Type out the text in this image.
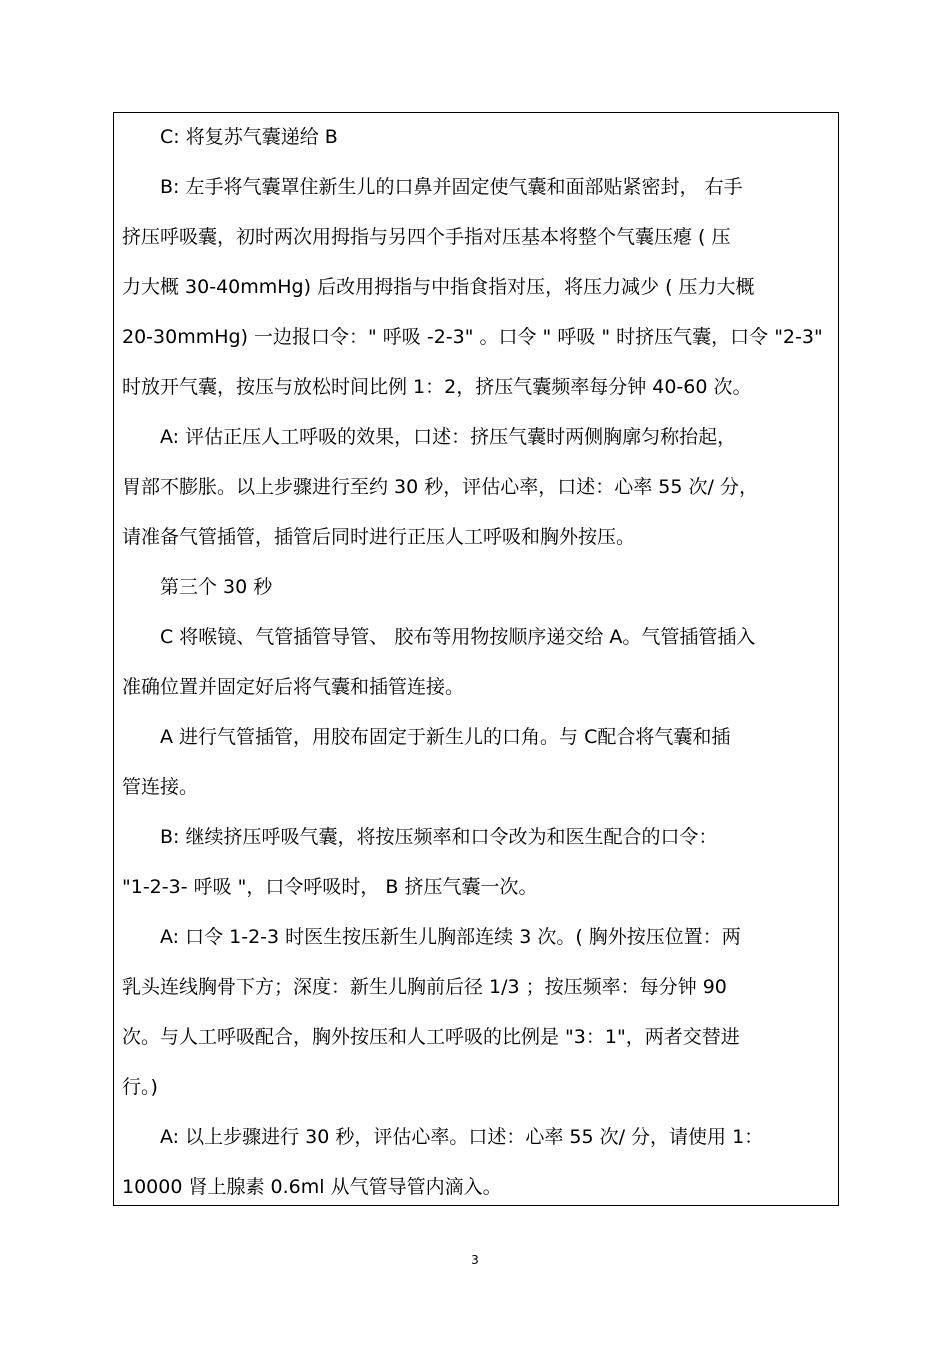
C: 将复苏气囊递给 B
B: 左手将气囊罩住新生儿的口鼻并固定使气囊和面部贴紧密封， 右手
挤压呼吸囊，初时两次用拇指与另四个手指对压基本将整个气囊压瘪 ( 压
力大概 30-40mmHg) 后改用拇指与中指食指对压，将压力减少 ( 压力大概
20-30mmHg) 一边报口令：" 呼吸 -2-3" 。口令 " 呼吸 " 时挤压气囊，口令 "2-3"
时放开气囊，按压与放松时间比例 1：2，挤压气囊频率每分钟 40-60 次。
A: 评估正压人工呼吸的效果，口述：挤压气囊时两侧胸廓匀称抬起，
胃部不膨胀。以上步骤进行至约 30 秒，评估心率，口述：心率 55 次/ 分，
请准备气管插管，插管后同时进行正压人工呼吸和胸外按压。
第三个 30 秒
C 将喉镜、气管插管导管、 胶布等用物按顺序递交给 A。气管插管插入
准确位置并固定好后将气囊和插管连接。
A 进行气管插管，用胶布固定于新生儿的口角。与 C配合将气囊和插
管连接。
B: 继续挤压呼吸气囊，将按压频率和口令改为和医生配合的口令：
"1-2-3- 呼吸 "，口令呼吸时， B 挤压气囊一次。
A: 口令 1-2-3 时医生按压新生儿胸部连续 3 次。( 胸外按压位置：两
乳头连线胸骨下方；深度：新生儿胸前后径 1/3 ；按压频率：每分钟 90
次。与人工呼吸配合，胸外按压和人工呼吸的比例是 "3：1"，两者交替进
行。)
A: 以上步骤进行 30 秒，评估心率。口述：心率 55 次/ 分，请使用 1：
10000 肾上腺素 0.6ml 从气管导管内滴入。
3
